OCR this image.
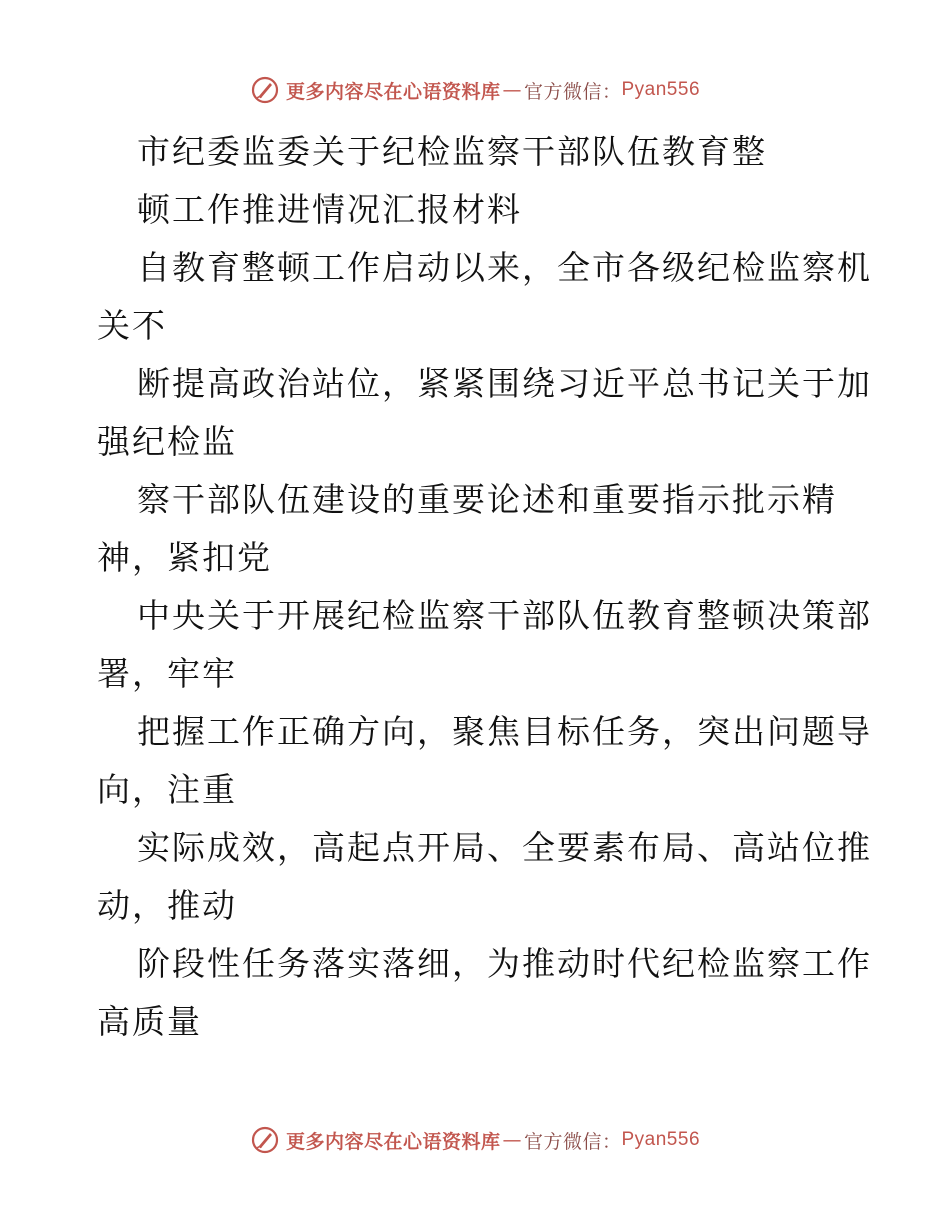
更多内容尽在心语资料库 — 官方微信： Pyan556
市纪委监委关于纪检监察干部队伍教育整
顿工作推进情况汇报材料
自教育整顿工作启动以来，全市各级纪检监察机
关不
断提高政治站位，紧紧围绕习近平总书记关于加
强纪检监
察干部队伍建设的重要论述和重要指示批示精
神，紧扣党
中央关于开展纪检监察干部队伍教育整顿决策部
署，牢牢
把握工作正确方向，聚焦目标任务，突出问题导
向，注重
实际成效，高起点开局、全要素布局、高站位推
动，推动
阶段性任务落实落细，为推动时代纪检监察工作
高质量
更多内容尽在心语资料库 — 官方微信： Pyan556
